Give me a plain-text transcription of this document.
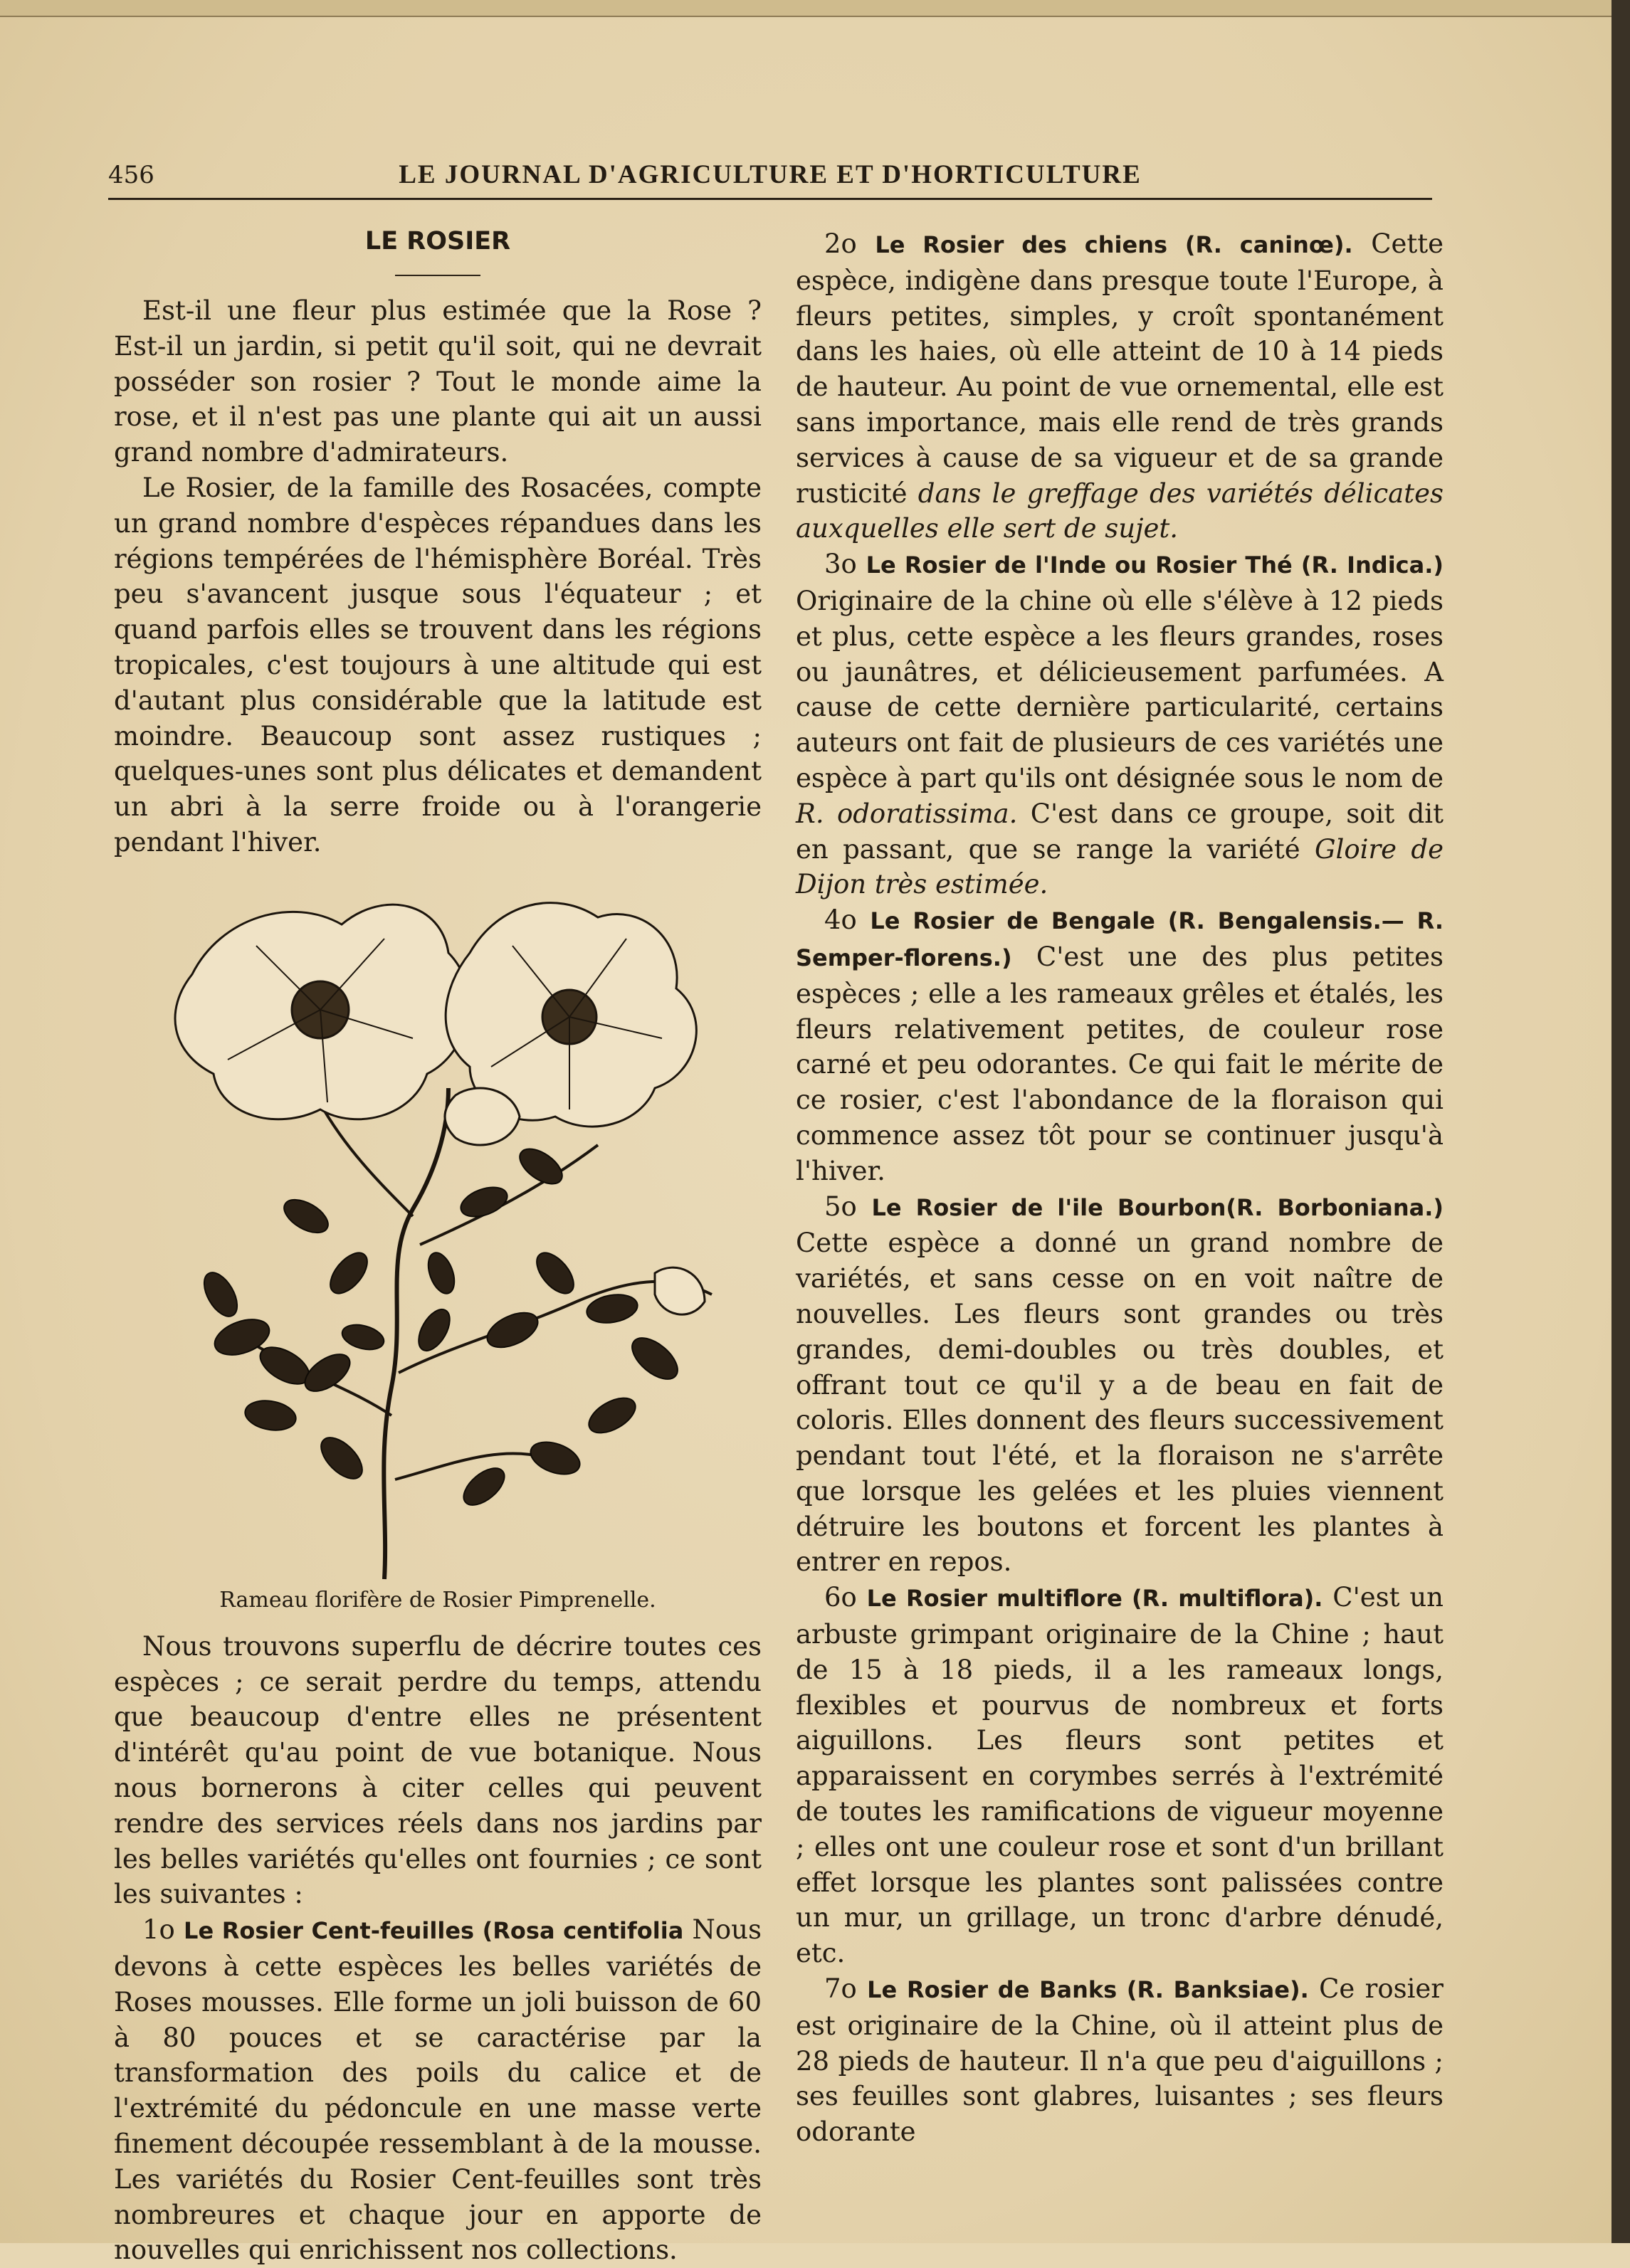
456	LE JOURNAL D'AGRICULTURE ET D'HORTICULTURE
LE ROSIER

Est-il une fleur plus estimée que la Rose ? Est-il un jardin, si petit qu'il soit, qui ne devrait posséder son rosier ? Tout le monde aime la rose, et il n'est pas une plante qui ait un aussi grand nombre d'admirateurs.

Le Rosier, de la famille des Rosacées, compte un grand nombre d'espèces répandues dans les régions tempérées de l'hémisphère Boréal. Très peu s'avancent jusque sous l'équateur ; et quand parfois elles se trouvent dans les régions tropicales, c'est toujours à une altitude qui est d'autant plus considérable que la latitude est moindre. Beaucoup sont assez rustiques ; quelques-unes sont plus délicates et demandent un abri à la serre froide ou à l'orangerie pendant l'hiver.

Rameau florifère de Rosier Pimprenelle.

Nous trouvons superflu de décrire toutes ces espèces ; ce serait perdre du temps, attendu que beaucoup d'entre elles ne présentent d'intérêt qu'au point de vue botanique. Nous nous bornerons à citer celles qui peuvent rendre des services réels dans nos jardins par les belles variétés qu'elles ont fournies ; ce sont les suivantes :

1o Le Rosier Cent-feuilles (Rosa centifolia Nous devons à cette espèces les belles variétés de Roses mousses. Elle forme un joli buisson de 60 à 80 pouces et se caractérise par la transformation des poils du calice et de l'extrémité du pédoncule en une masse verte finement découpée ressemblant à de la mousse. Les variétés du Rosier Cent-feuilles sont très nombreures et chaque jour en apporte de nouvelles qui enrichissent nos collections.

2o Le Rosier des chiens (R. caninœ). Cette espèce, indigène dans presque toute l'Europe, à fleurs petites, simples, y croît spontanément dans les haies, où elle atteint de 10 à 14 pieds de hauteur. Au point de vue ornemental, elle est sans importance, mais elle rend de très grands services à cause de sa vigueur et de sa grande rusticité dans le greffage des variétés délicates auxquelles elle sert de sujet.

3o Le Rosier de l'Inde ou Rosier Thé (R. Indica.) Originaire de la chine où elle s'élève à 12 pieds et plus, cette espèce a les fleurs grandes, roses ou jaunâtres, et délicieusement parfumées. A cause de cette dernière particularité, certains auteurs ont fait de plusieurs de ces variétés une espèce à part qu'ils ont désignée sous le nom de R. odoratissima. C'est dans ce groupe, soit dit en passant, que se range la variété Gloire de Dijon très estimée.

4o Le Rosier de Bengale (R. Bengalensis.— R. Semper-florens.) C'est une des plus petites espèces ; elle a les rameaux grêles et étalés, les fleurs relativement petites, de couleur rose carné et peu odorantes. Ce qui fait le mérite de ce rosier, c'est l'abondance de la floraison qui commence assez tôt pour se continuer jusqu'à l'hiver.

5o Le Rosier de l'ile Bourbon(R. Borboniana.) Cette espèce a donné un grand nombre de variétés, et sans cesse on en voit naître de nouvelles. Les fleurs sont grandes ou très grandes, demi-doubles ou très doubles, et offrant tout ce qu'il y a de beau en fait de coloris. Elles donnent des fleurs successivement pendant tout l'été, et la floraison ne s'arrête que lorsque les gelées et les pluies viennent détruire les boutons et forcent les plantes à entrer en repos.

6o Le Rosier multiflore (R. multiflora). C'est un arbuste grimpant originaire de la Chine ; haut de 15 à 18 pieds, il a les rameaux longs, flexibles et pourvus de nombreux et forts aiguillons. Les fleurs sont petites et apparaissent en corymbes serrés à l'extrémité de toutes les ramifications de vigueur moyenne ; elles ont une couleur rose et sont d'un brillant effet lorsque les plantes sont palissées contre un mur, un grillage, un tronc d'arbre dénudé, etc.

7o Le Rosier de Banks (R. Banksiae). Ce rosier est originaire de la Chine, où il atteint plus de 28 pieds de hauteur. Il n'a que peu d'aiguillons ; ses feuilles sont glabres, luisantes ; ses fleurs odorante
